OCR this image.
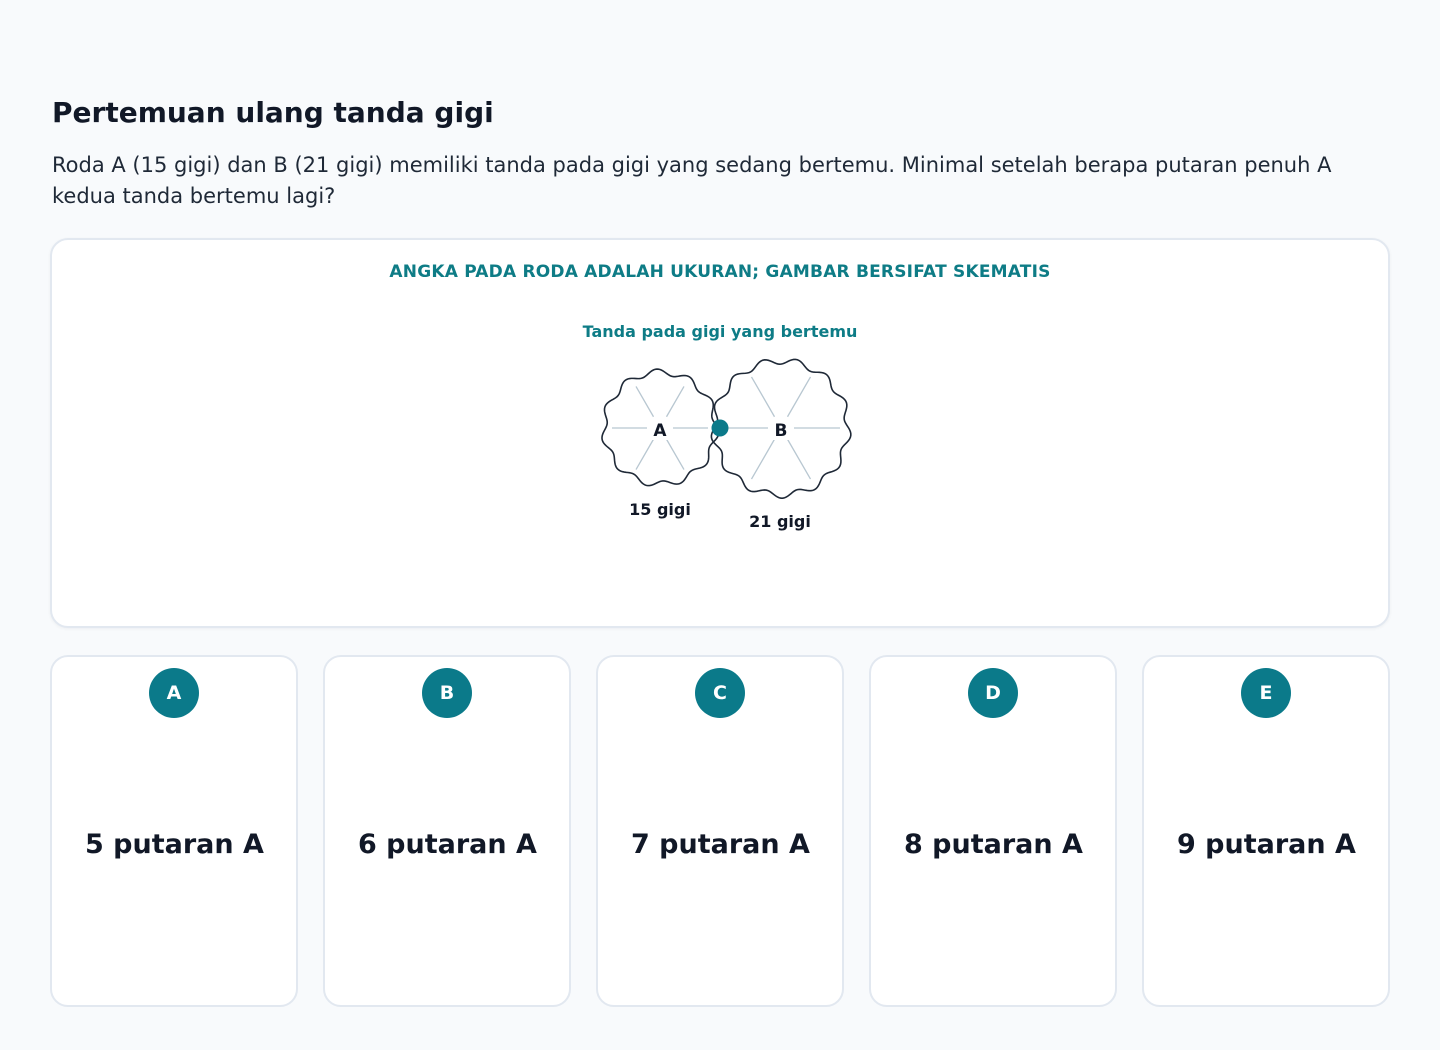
Pertemuan ulang tanda gigi

Roda A (15 gigi) dan B (21 gigi) memiliki tanda pada gigi yang sedang bertemu. Minimal setelah berapa putaran penuh A kedua tanda bertemu lagi?

ANGKA PADA RODA ADALAH UKURAN; GAMBAR BERSIFAT SKEMATIS
Tanda pada gigi yang bertemu
A
15 gigi
B
21 gigi
A
5 putaran A
B
6 putaran A
C
7 putaran A
D
8 putaran A
E
9 putaran A
